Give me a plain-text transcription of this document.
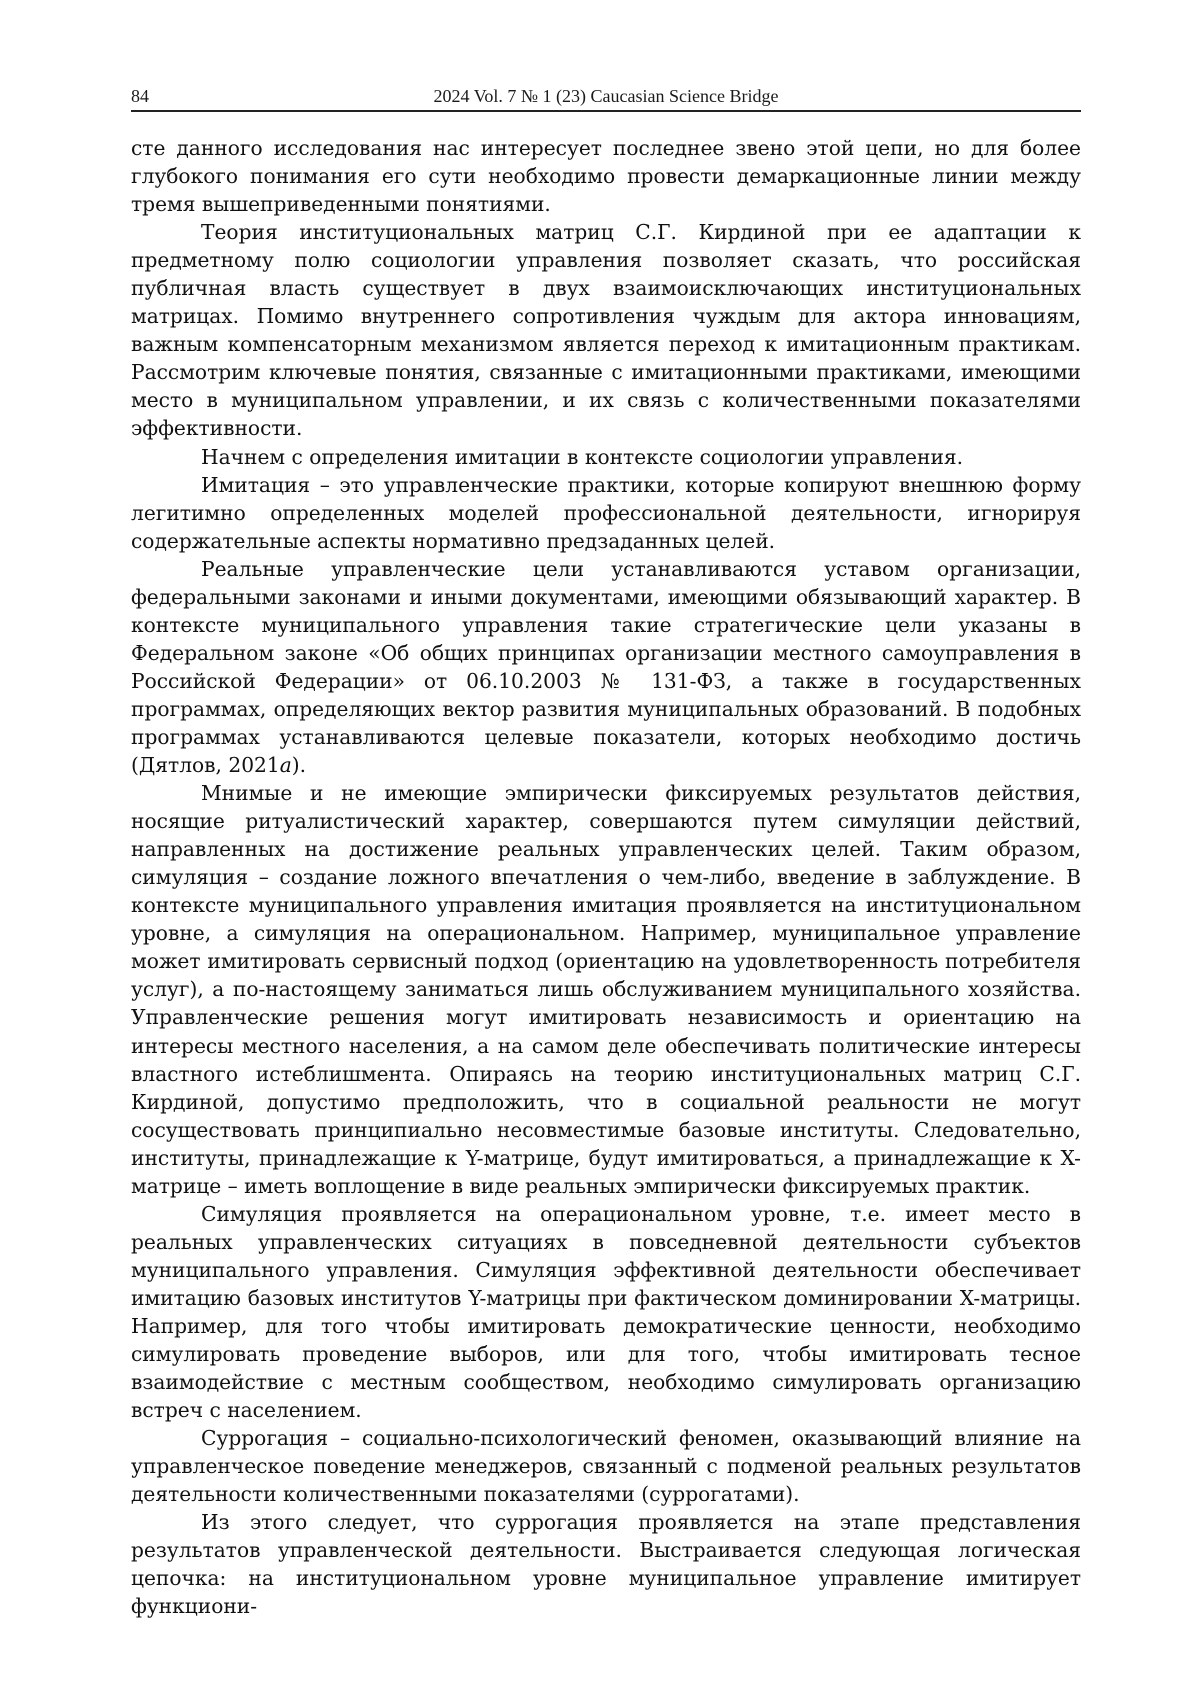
84	2024 Vol. 7 № 1 (23) Caucasian Science Bridge

сте данного исследования нас интересует последнее звено этой цепи, но для более глубокого понимания его сути необходимо провести демаркационные линии между тремя вышеприведенными понятиями.

Теория институциональных матриц С.Г. Кирдиной при ее адаптации к предметному полю социологии управления позволяет сказать, что российская публичная власть существует в двух взаимоисключающих институциональных матрицах. Помимо внутреннего сопротивления чуждым для актора инновациям, важным компенсаторным механизмом является переход к имитационным практикам. Рассмотрим ключевые понятия, связанные с имитационными практиками, имеющими место в муниципальном управлении, и их связь с количественными показателями эффективности.

Начнем с определения имитации в контексте социологии управления.

Имитация – это управленческие практики, которые копируют внешнюю форму легитимно определенных моделей профессиональной деятельности, игнорируя содержательные аспекты нормативно предзаданных целей.

Реальные управленческие цели устанавливаются уставом организации, федеральными законами и иными документами, имеющими обязывающий характер. В контексте муниципального управления такие стратегические цели указаны в Федеральном законе «Об общих принципах организации местного самоуправления в Российской Федерации» от 06.10.2003 № 131-ФЗ, а также в государственных программах, определяющих вектор развития муниципальных образований. В подобных программах устанавливаются целевые показатели, которых необходимо достичь (Дятлов, 2021a).

Мнимые и не имеющие эмпирически фиксируемых результатов действия, носящие ритуалистический характер, совершаются путем симуляции действий, направленных на достижение реальных управленческих целей. Таким образом, симуляция – создание ложного впечатления о чем-либо, введение в заблуждение. В контексте муниципального управления имитация проявляется на институциональном уровне, а симуляция на операциональном. Например, муниципальное управление может имитировать сервисный подход (ориентацию на удовлетворенность потребителя услуг), а по-настоящему заниматься лишь обслуживанием муниципального хозяйства. Управленческие решения могут имитировать независимость и ориентацию на интересы местного населения, а на самом деле обеспечивать политические интересы властного истеблишмента. Опираясь на теорию институциональных матриц С.Г. Кирдиной, допустимо предположить, что в социальной реальности не могут сосуществовать принципиально несовместимые базовые институты. Следовательно, институты, принадлежащие к Y-матрице, будут имитироваться, а принадлежащие к X-матрице – иметь воплощение в виде реальных эмпирически фиксируемых практик.

Симуляция проявляется на операциональном уровне, т.е. имеет место в реальных управленческих ситуациях в повседневной деятельности субъектов муниципального управления. Симуляция эффективной деятельности обеспечивает имитацию базовых институтов Y-матрицы при фактическом доминировании X-матрицы. Например, для того чтобы имитировать демократические ценности, необходимо симулировать проведение выборов, или для того, чтобы имитировать тесное взаимодействие с местным сообществом, необходимо симулировать организацию встреч с населением.

Суррогация – социально-психологический феномен, оказывающий влияние на управленческое поведение менеджеров, связанный с подменой реальных результатов деятельности количественными показателями (суррогатами).

Из этого следует, что суррогация проявляется на этапе представления результатов управленческой деятельности. Выстраивается следующая логическая цепочка: на институциональном уровне муниципальное управление имитирует функциони-
